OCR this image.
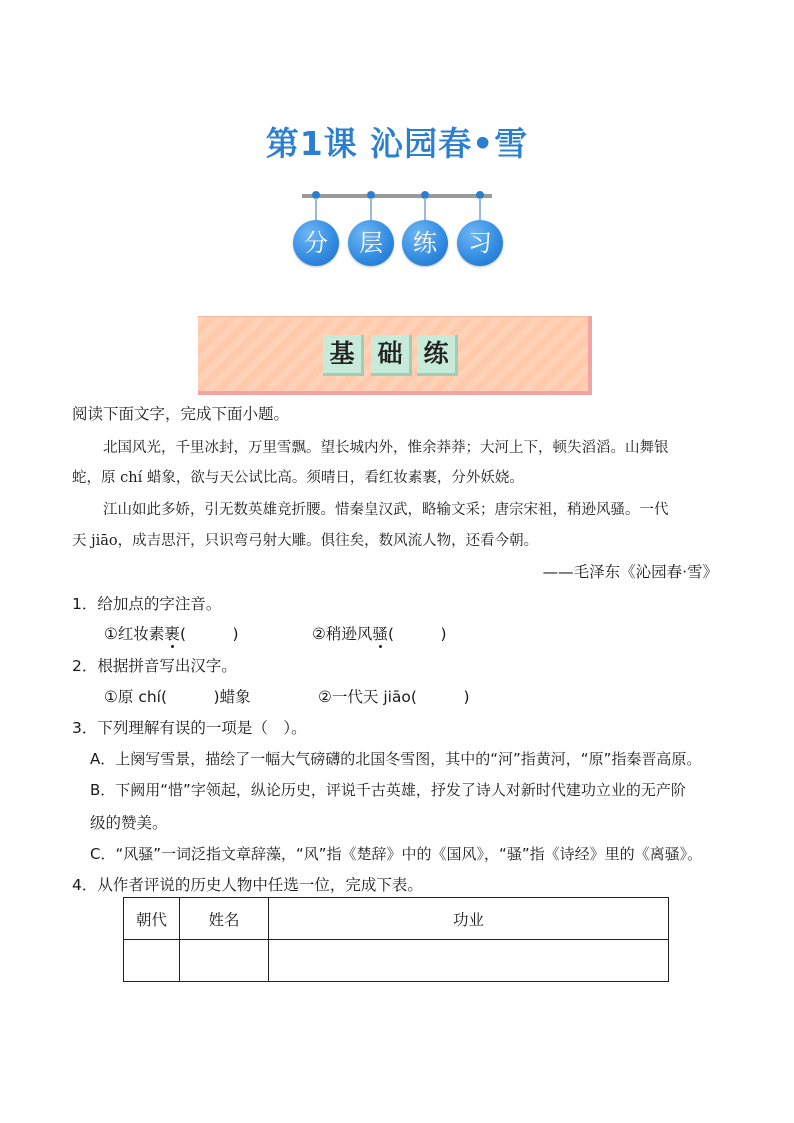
第1课 沁园春•雪
分	层	练	习
基 础 练
阅读下面文字，完成下面小题。
北国风光，千里冰封，万里雪飘。望长城内外，惟余莽莽；大河上下，顿失滔滔。山舞银
蛇，原 chí 蜡象，欲与天公试比高。须晴日，看红妆素裹，分外妖娆。
江山如此多娇，引无数英雄竞折腰。惜秦皇汉武，略输文采；唐宗宋祖，稍逊风骚。一代
天 jiāo，成吉思汗，只识弯弓射大雕。俱往矣，数风流人物，还看今朝。
——毛泽东《沁园春·雪》
1．给加点的字注音。
①红妆素裹(　　　)	②稍逊风骚(　　　)
2．根据拼音写出汉字。
①原 chí(　　　)蜡象	②一代天 jiāo(　　　)
3．下列理解有误的一项是（　）。
A．上阕写雪景，描绘了一幅大气磅礴的北国冬雪图，其中的“河”指黄河，“原”指秦晋高原。
B．下阙用“惜”字领起，纵论历史，评说千古英雄，抒发了诗人对新时代建功立业的无产阶
级的赞美。
C．“风骚”一词泛指文章辞藻，“风”指《楚辞》中的《国风》，“骚”指《诗经》里的《离骚》。
4．从作者评说的历史人物中任选一位，完成下表。
朝代	姓名	功业
